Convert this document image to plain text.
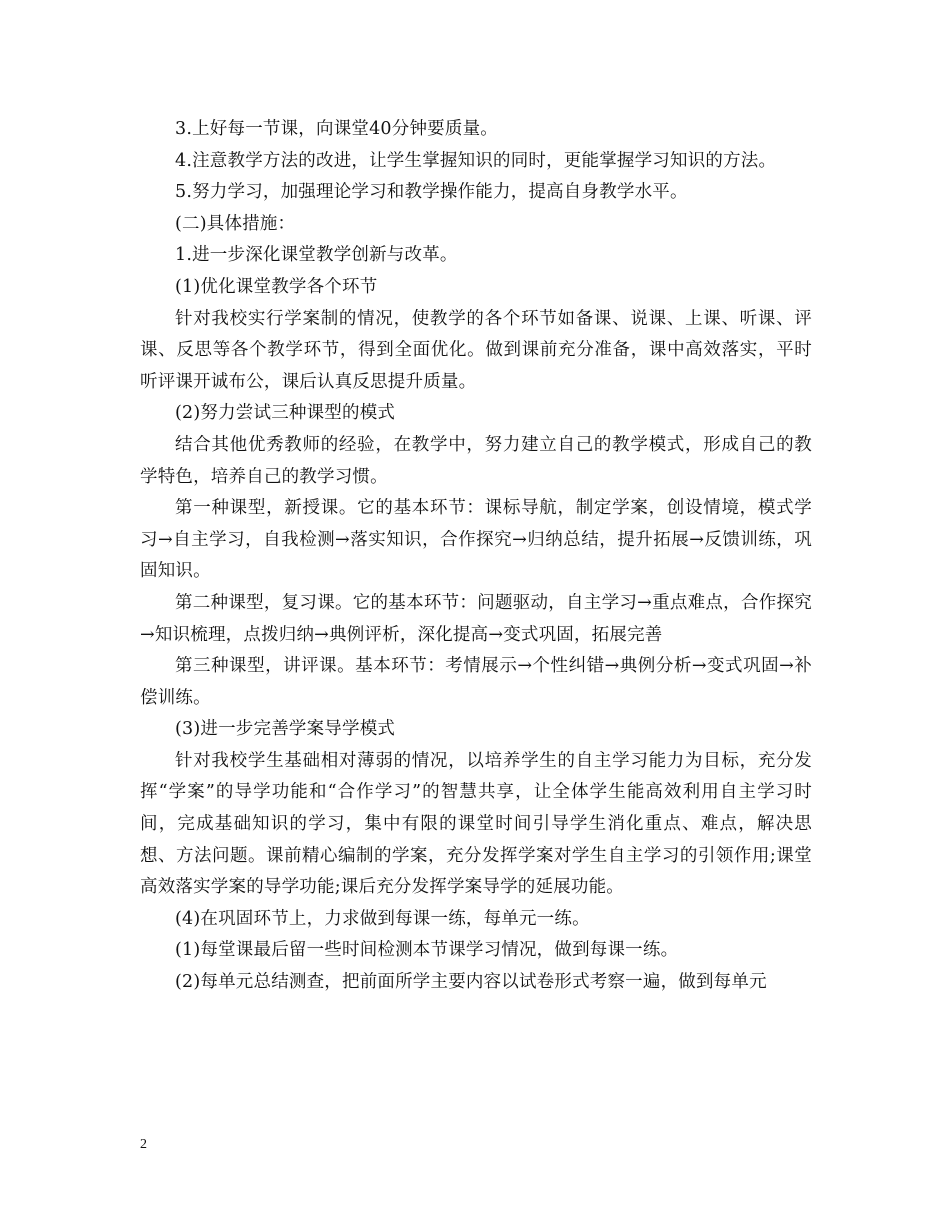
3.上好每一节课，向课堂40分钟要质量。

4.注意教学方法的改进，让学生掌握知识的同时，更能掌握学习知识的方法。

5.努力学习，加强理论学习和教学操作能力，提高自身教学水平。

(二)具体措施：

1.进一步深化课堂教学创新与改革。

(1)优化课堂教学各个环节

针对我校实行学案制的情况，使教学的各个环节如备课、说课、上课、听课、评课、反思等各个教学环节，得到全面优化。做到课前充分准备，课中高效落实，平时听评课开诚布公，课后认真反思提升质量。

(2)努力尝试三种课型的模式

结合其他优秀教师的经验，在教学中，努力建立自己的教学模式，形成自己的教学特色，培养自己的教学习惯。

第一种课型，新授课。它的基本环节：课标导航，制定学案，创设情境，模式学习→自主学习，自我检测→落实知识，合作探究→归纳总结，提升拓展→反馈训练，巩固知识。

第二种课型，复习课。它的基本环节：问题驱动，自主学习→重点难点，合作探究→知识梳理，点拨归纳→典例评析，深化提高→变式巩固，拓展完善

第三种课型，讲评课。基本环节：考情展示→个性纠错→典例分析→变式巩固→补偿训练。

(3)进一步完善学案导学模式

针对我校学生基础相对薄弱的情况，以培养学生的自主学习能力为目标，充分发挥“学案”的导学功能和“合作学习”的智慧共享，让全体学生能高效利用自主学习时间，完成基础知识的学习，集中有限的课堂时间引导学生消化重点、难点，解决思想、方法问题。课前精心编制的学案，充分发挥学案对学生自主学习的引领作用;课堂高效落实学案的导学功能;课后充分发挥学案导学的延展功能。

(4)在巩固环节上，力求做到每课一练，每单元一练。

(1)每堂课最后留一些时间检测本节课学习情况，做到每课一练。

(2)每单元总结测查，把前面所学主要内容以试卷形式考察一遍，做到每单元

2
